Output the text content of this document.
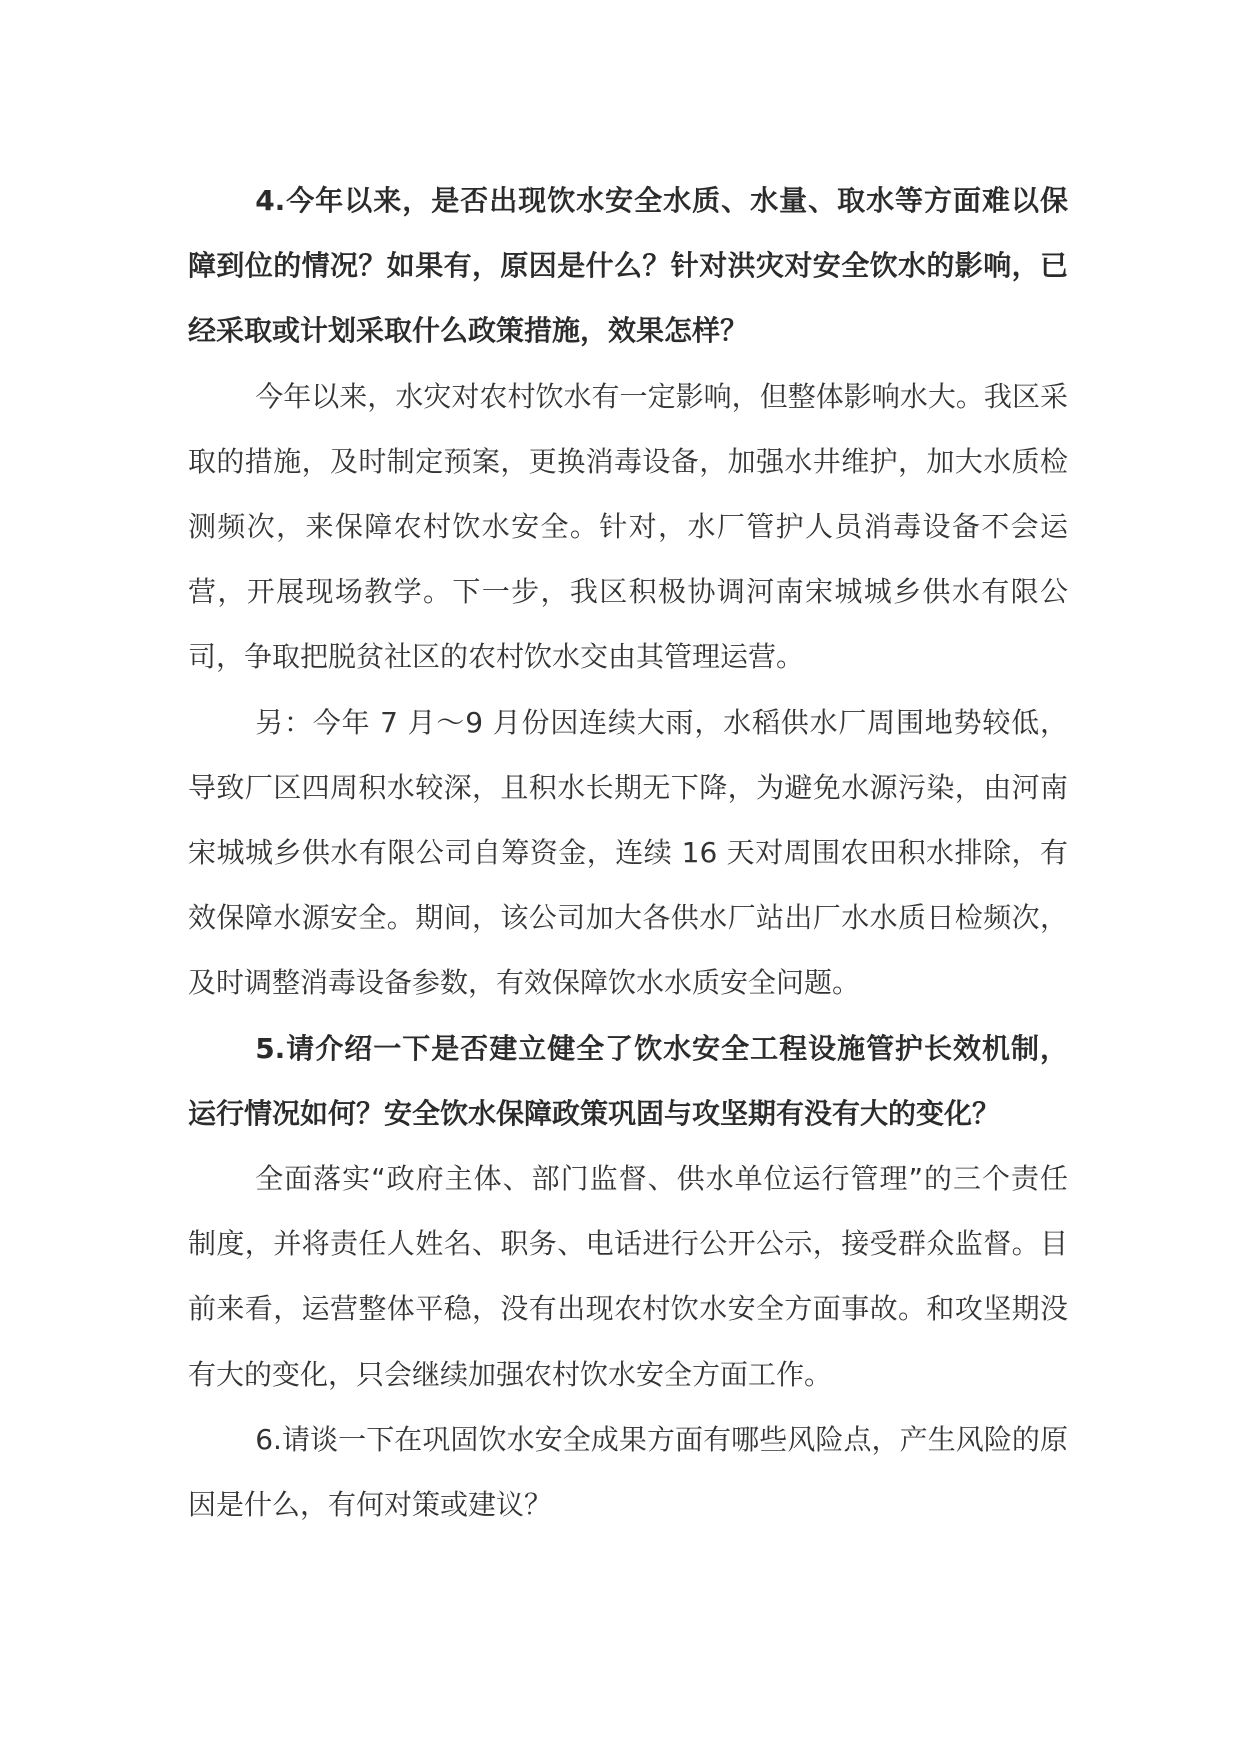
4.今年以来，是否出现饮水安全水质、水量、取水等方面难以保障到位的情况？如果有，原因是什么？针对洪灾对安全饮水的影响，已经采取或计划采取什么政策措施，效果怎样？

今年以来，水灾对农村饮水有一定影响，但整体影响水大。我区采取的措施，及时制定预案，更换消毒设备，加强水井维护，加大水质检测频次，来保障农村饮水安全。针对，水厂管护人员消毒设备不会运营，开展现场教学。下一步，我区积极协调河南宋城城乡供水有限公司，争取把脱贫社区的农村饮水交由其管理运营。

另：今年 7 月～9 月份因连续大雨，水稻供水厂周围地势较低，导致厂区四周积水较深，且积水长期无下降，为避免水源污染，由河南宋城城乡供水有限公司自筹资金，连续 16 天对周围农田积水排除，有效保障水源安全。期间，该公司加大各供水厂站出厂水水质日检频次，及时调整消毒设备参数，有效保障饮水水质安全问题。

5.请介绍一下是否建立健全了饮水安全工程设施管护长效机制，运行情况如何？安全饮水保障政策巩固与攻坚期有没有大的变化？

全面落实“政府主体、部门监督、供水单位运行管理”的三个责任制度，并将责任人姓名、职务、电话进行公开公示，接受群众监督。目前来看，运营整体平稳，没有出现农村饮水安全方面事故。和攻坚期没有大的变化，只会继续加强农村饮水安全方面工作。

6.请谈一下在巩固饮水安全成果方面有哪些风险点，产生风险的原因是什么，有何对策或建议？
